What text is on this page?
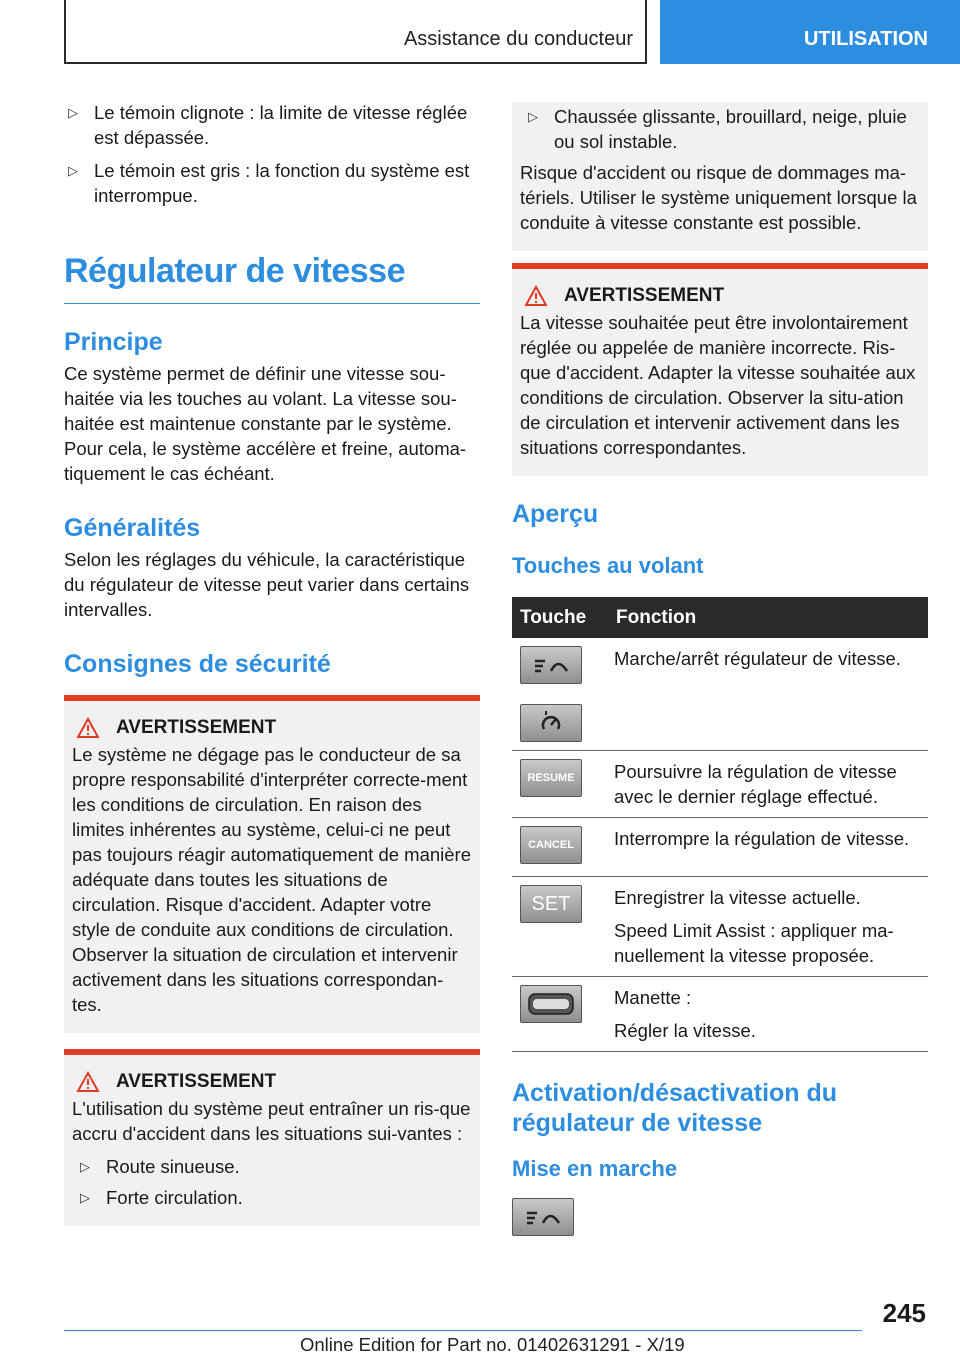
Assistance du conducteur	UTILISATION
▷ Le témoin clignote : la limite de vitesse réglée est dépassée.
▷ Le témoin est gris : la fonction du système est interrompue.
Régulateur de vitesse
Principe
Ce système permet de définir une vitesse sou-haitée via les touches au volant. La vitesse sou-haitée est maintenue constante par le système. Pour cela, le système accélère et freine, automa-tiquement le cas échéant.
Généralités
Selon les réglages du véhicule, la caractéristique du régulateur de vitesse peut varier dans certains intervalles.
Consignes de sécurité
AVERTISSEMENT
Le système ne dégage pas le conducteur de sa propre responsabilité d'interpréter correcte-ment les conditions de circulation. En raison des limites inhérentes au système, celui-ci ne peut pas toujours réagir automatiquement de manière adéquate dans toutes les situations de circulation. Risque d'accident. Adapter votre style de conduite aux conditions de circulation. Observer la situation de circulation et intervenir activement dans les situations correspondan-tes.
AVERTISSEMENT
L'utilisation du système peut entraîner un ris-que accru d'accident dans les situations sui-vantes :
▷ Route sinueuse.
▷ Forte circulation.
▷ Chaussée glissante, brouillard, neige, pluie ou sol instable.
Risque d'accident ou risque de dommages ma-tériels. Utiliser le système uniquement lorsque la conduite à vitesse constante est possible.
AVERTISSEMENT
La vitesse souhaitée peut être involontairement réglée ou appelée de manière incorrecte. Ris-que d'accident. Adapter la vitesse souhaitée aux conditions de circulation. Observer la situ-ation de circulation et intervenir activement dans les situations correspondantes.
Aperçu
Touches au volant
Touche	Fonction

	Marche/arrêt régulateur de vitesse.

RESUME	Poursuivre la régulation de vitesse avec le dernier réglage effectué.

CANCEL	Interrompre la régulation de vitesse.

SET	Enregistrer la vitesse actuelle.
Speed Limit Assist : appliquer ma-nuellement la vitesse proposée.

Manette :
Régler la vitesse.
Activation/désactivation du régulateur de vitesse
Mise en marche
245
Online Edition for Part no. 01402631291 - X/19
